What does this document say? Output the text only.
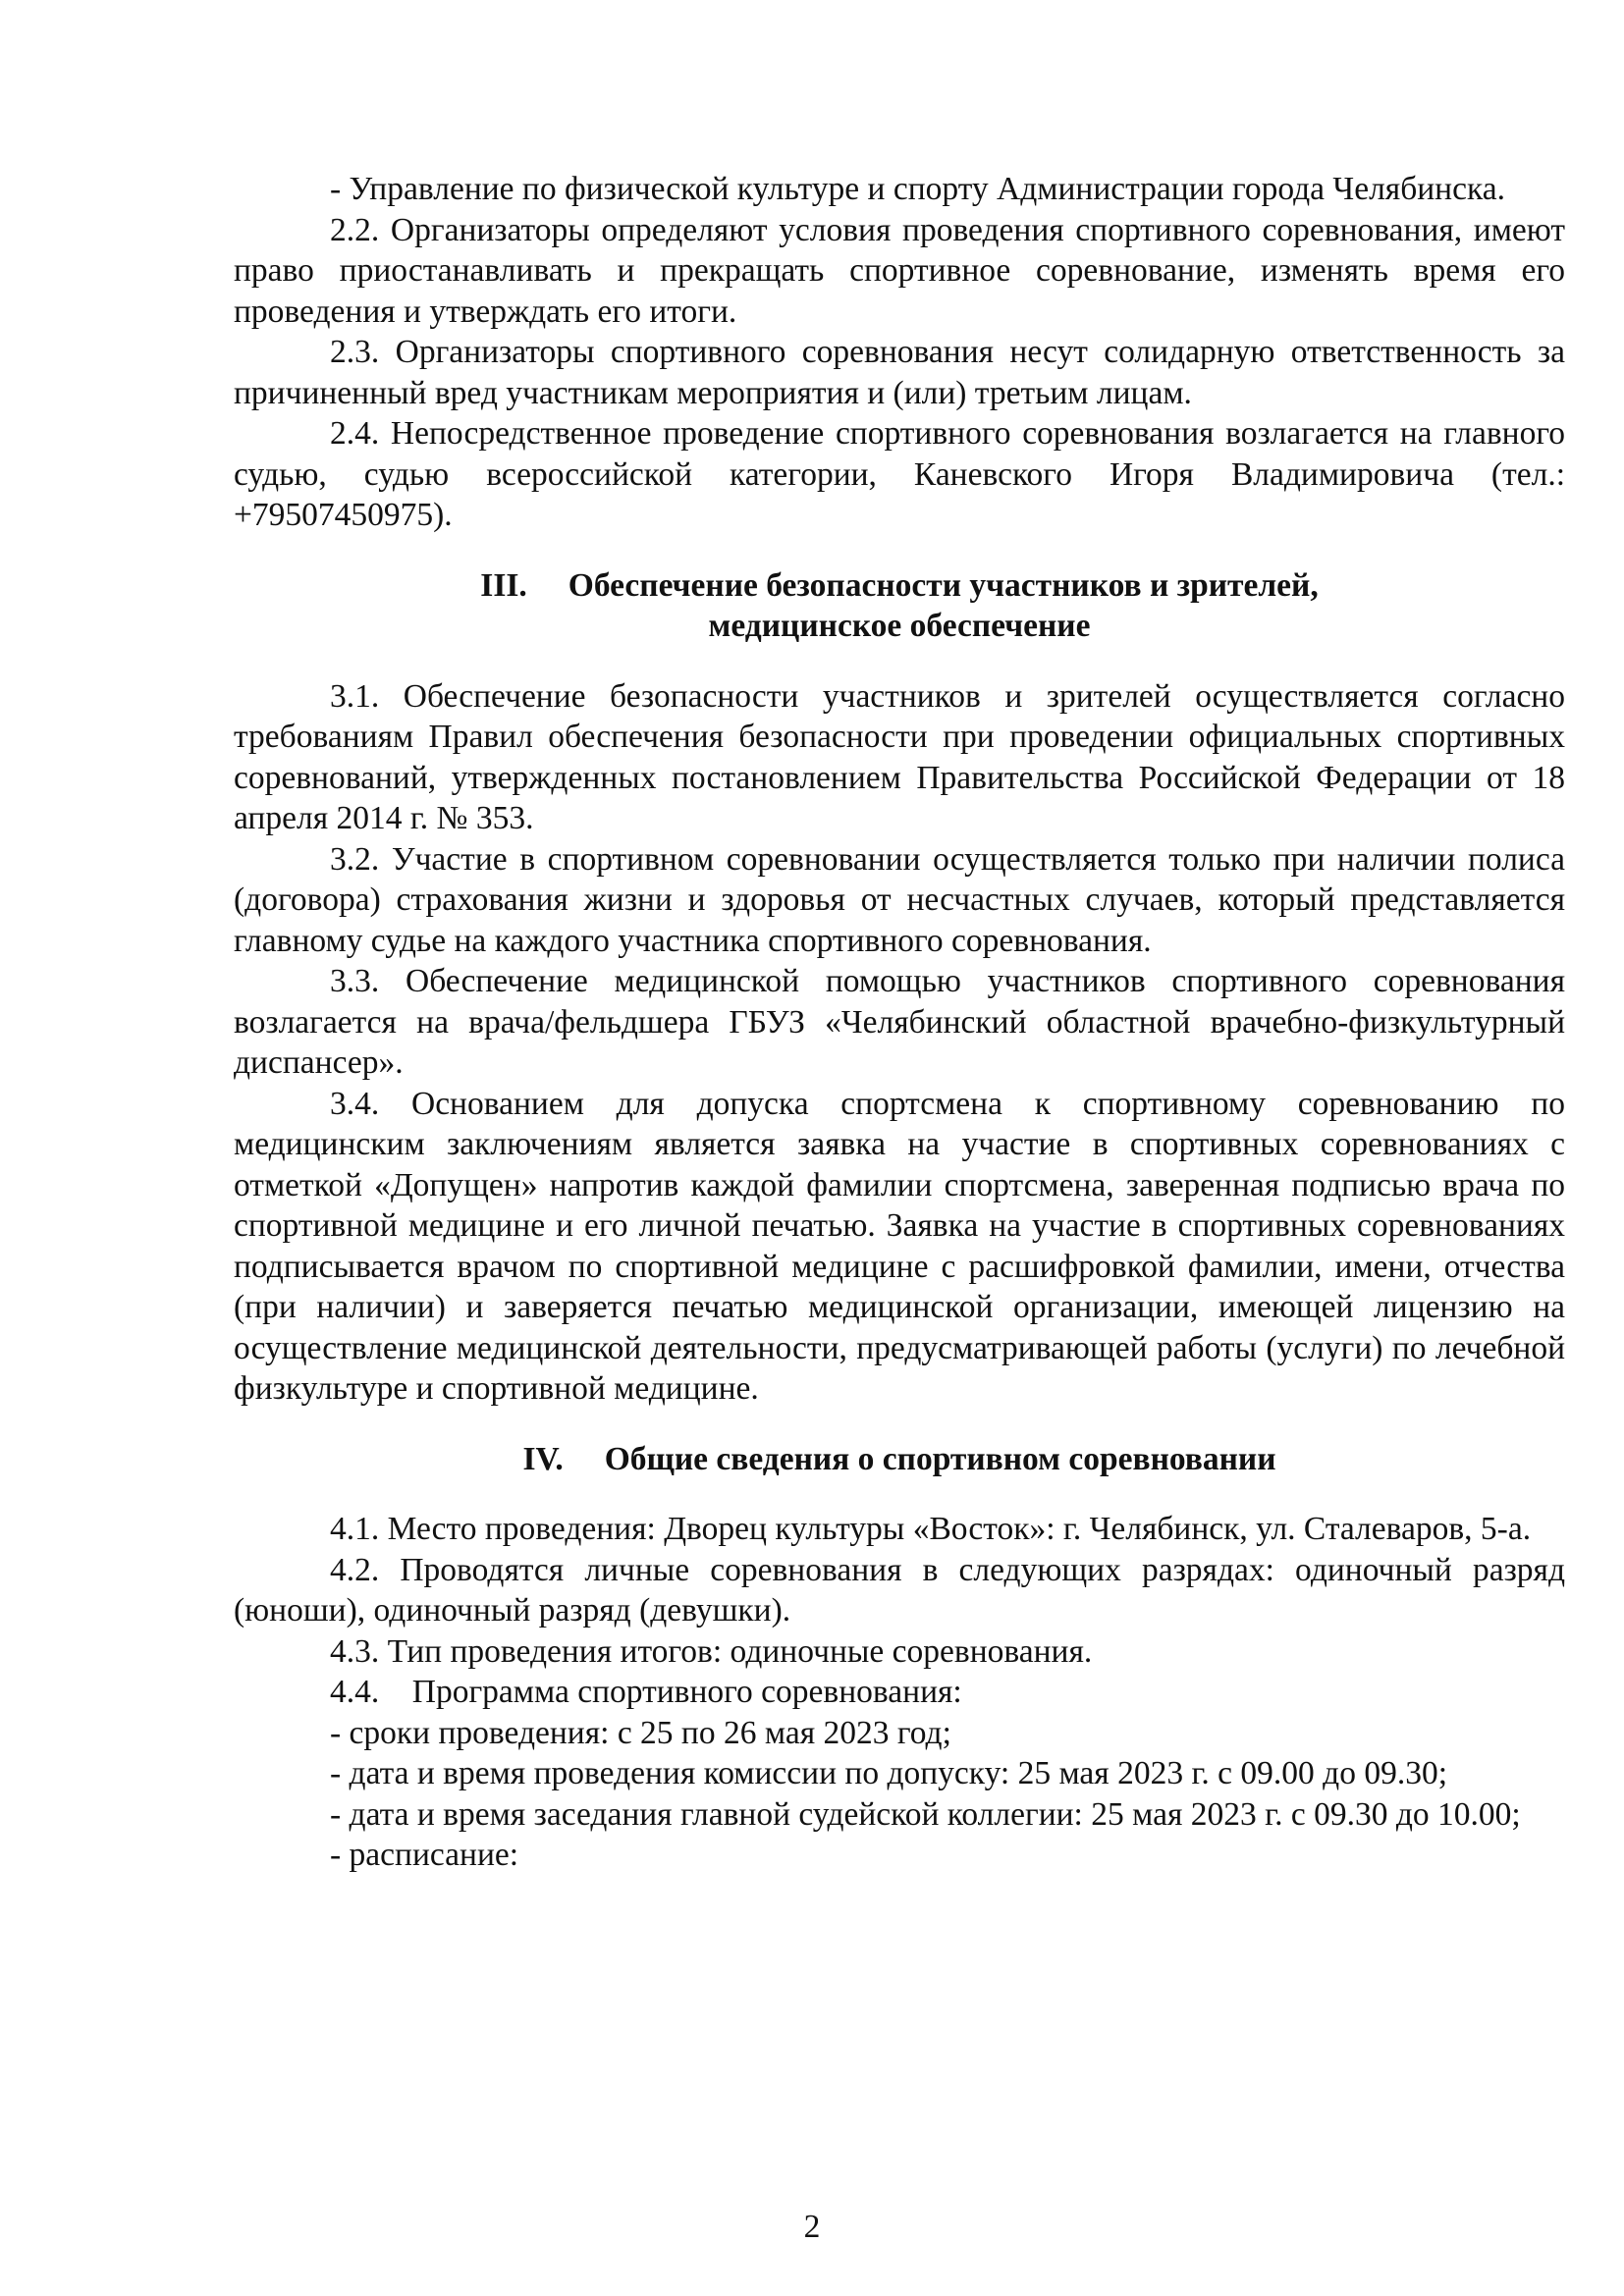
- Управление по физической культуре и спорту Администрации города Челябинска.

2.2. Организаторы определяют условия проведения спортивного соревнования, имеют право приостанавливать и прекращать спортивное соревнование, изменять время его проведения и утверждать его итоги.

2.3. Организаторы спортивного соревнования несут солидарную ответственность за причиненный вред участникам мероприятия и (или) третьим лицам.

2.4. Непосредственное проведение спортивного соревнования возлагается на главного судью, судью всероссийской категории, Каневского Игоря Владимировича (тел.: +79507450975).

III. Обеспечение безопасности участников и зрителей,
медицинское обеспечение

3.1. Обеспечение безопасности участников и зрителей осуществляется согласно требованиям Правил обеспечения безопасности при проведении официальных спортивных соревнований, утвержденных постановлением Правительства Российской Федерации от 18 апреля 2014 г. № 353.

3.2. Участие в спортивном соревновании осуществляется только при наличии полиса (договора) страхования жизни и здоровья от несчастных случаев, который представляется главному судье на каждого участника спортивного соревнования.

3.3. Обеспечение медицинской помощью участников спортивного соревнования возлагается на врача/фельдшера ГБУЗ «Челябинский областной врачебно-физкультурный диспансер».

3.4. Основанием для допуска спортсмена к спортивному соревнованию по медицинским заключениям является заявка на участие в спортивных соревнованиях с отметкой «Допущен» напротив каждой фамилии спортсмена, заверенная подписью врача по спортивной медицине и его личной печатью. Заявка на участие в спортивных соревнованиях подписывается врачом по спортивной медицине с расшифровкой фамилии, имени, отчества (при наличии) и заверяется печатью медицинской организации, имеющей лицензию на осуществление медицинской деятельности, предусматривающей работы (услуги) по лечебной физкультуре и спортивной медицине.

IV. Общие сведения о спортивном соревновании

4.1. Место проведения: Дворец культуры «Восток»: г. Челябинск, ул. Сталеваров, 5-а.

4.2. Проводятся личные соревнования в следующих разрядах: одиночный разряд (юноши), одиночный разряд (девушки).

4.3. Тип проведения итогов: одиночные соревнования.

4.4.    Программа спортивного соревнования:

- сроки проведения: с 25 по 26 мая 2023 год;

- дата и время проведения комиссии по допуску: 25 мая 2023 г. с 09.00 до 09.30;

- дата и время заседания главной судейской коллегии: 25 мая 2023 г. с 09.30 до 10.00;

- расписание:

2
